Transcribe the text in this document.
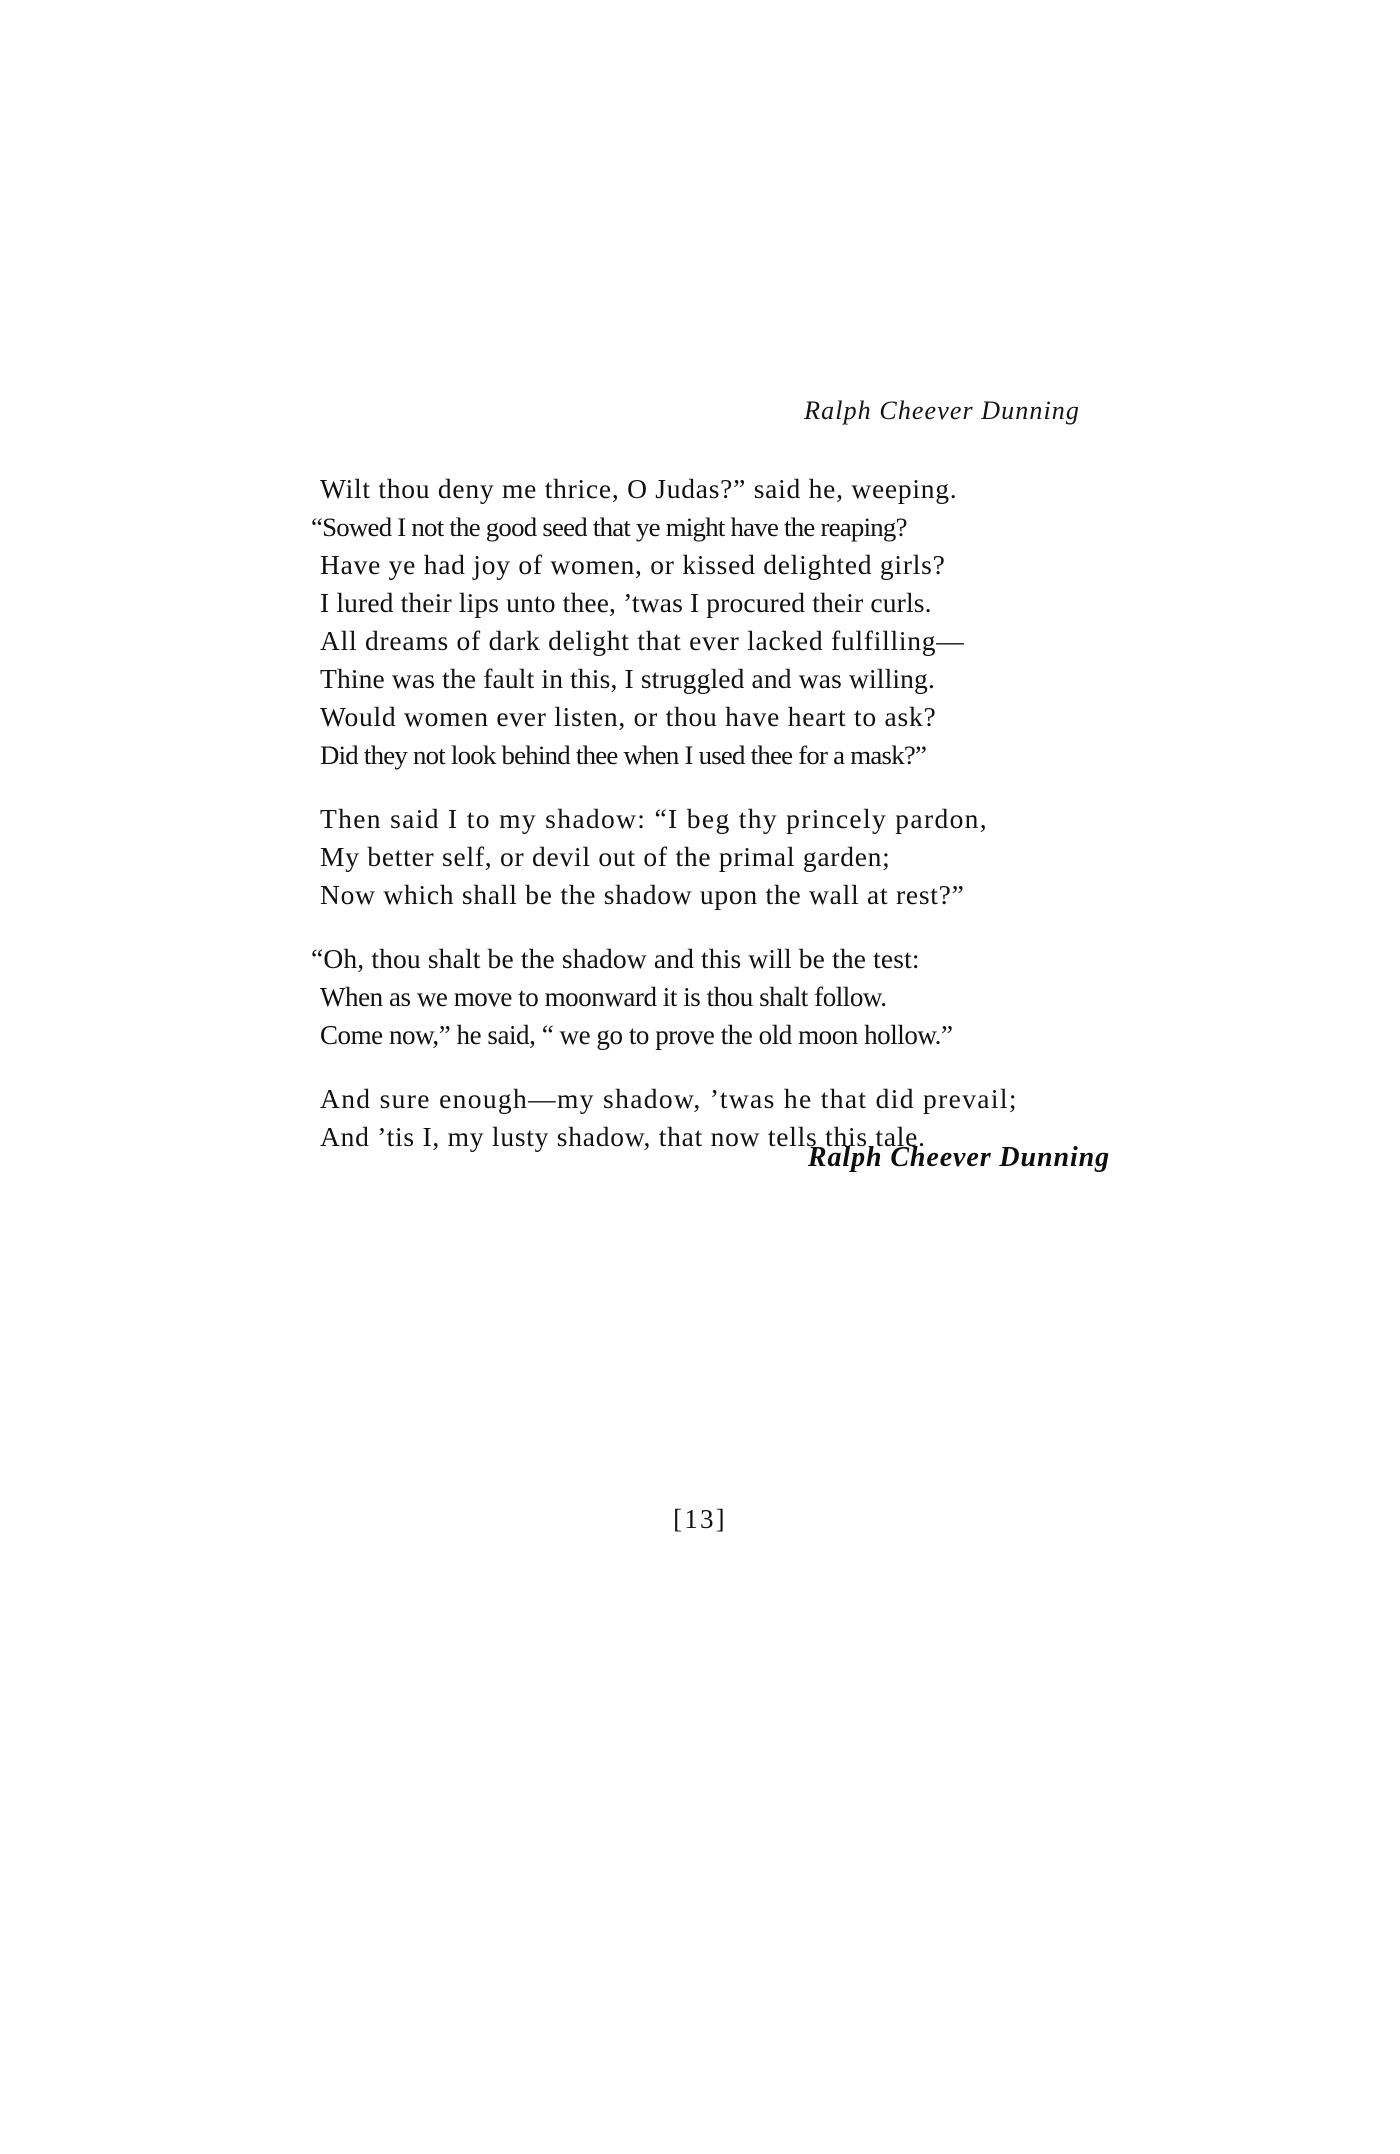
Ralph Cheever Dunning
Wilt thou deny me thrice, O Judas?” said he, weeping.
“Sowed I not the good seed that ye might have the reaping?
Have ye had joy of women, or kissed delighted girls?
I lured their lips unto thee, ’twas I procured their curls.
All dreams of dark delight that ever lacked fulfilling—
Thine was the fault in this, I struggled and was willing.
Would women ever listen, or thou have heart to ask?
Did they not look behind thee when I used thee for a mask?”
Then said I to my shadow: “I beg thy princely pardon,
My better self, or devil out of the primal garden;
Now which shall be the shadow upon the wall at rest?”
“Oh, thou shalt be the shadow and this will be the test:
When as we move to moonward it is thou shalt follow.
Come now,” he said, “ we go to prove the old moon hollow.”
And sure enough—my shadow, ’twas he that did prevail;
And ’tis I, my lusty shadow, that now tells this tale.
Ralph Cheever Dunning
[13]
